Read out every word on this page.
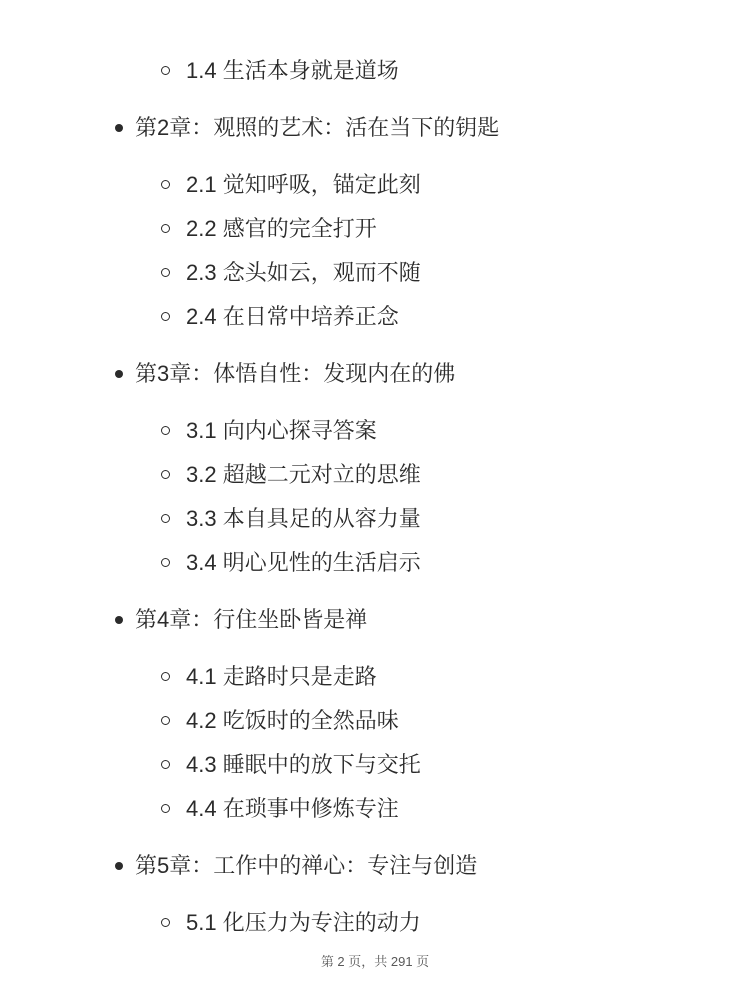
1.4 生活本身就是道场
第2章：观照的艺术：活在当下的钥匙
2.1 觉知呼吸，锚定此刻
2.2 感官的完全打开
2.3 念头如云，观而不随
2.4 在日常中培养正念
第3章：体悟自性：发现内在的佛
3.1 向内心探寻答案
3.2 超越二元对立的思维
3.3 本自具足的从容力量
3.4 明心见性的生活启示
第4章：行住坐卧皆是禅
4.1 走路时只是走路
4.2 吃饭时的全然品味
4.3 睡眠中的放下与交托
4.4 在琐事中修炼专注
第5章：工作中的禅心：专注与创造
5.1 化压力为专注的动力
第 2 页，共 291 页
